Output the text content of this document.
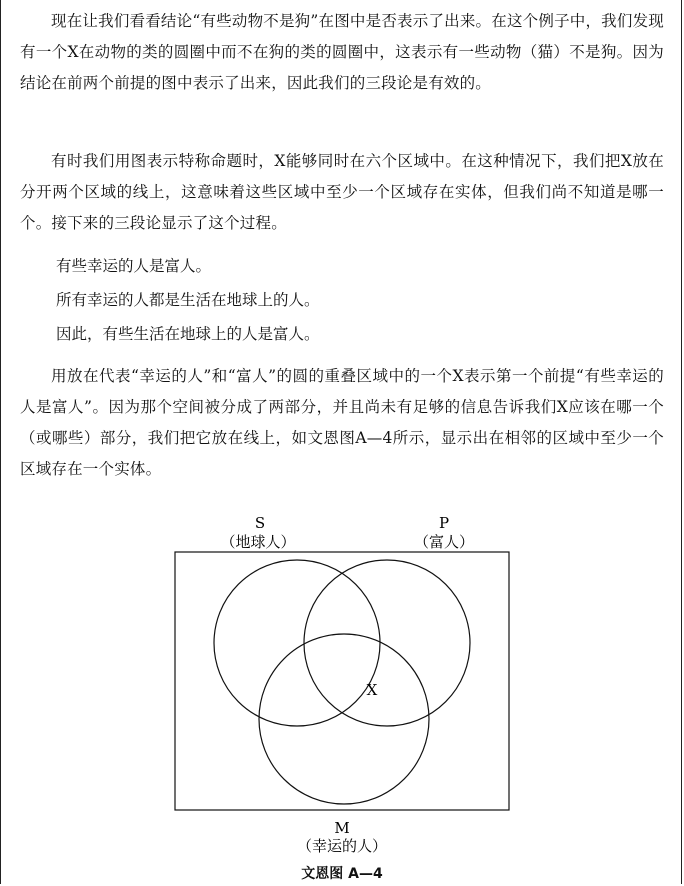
现在让我们看看结论“有些动物不是狗”在图中是否表示了出来。在这个例子中，我们发现有一个X在动物的类的圆圈中而不在狗的类的圆圈中，这表示有一些动物（猫）不是狗。因为结论在前两个前提的图中表示了出来，因此我们的三段论是有效的。

有时我们用图表示特称命题时，X能够同时在六个区域中。在这种情况下，我们把X放在分开两个区域的线上，这意味着这些区域中至少一个区域存在实体，但我们尚不知道是哪一个。接下来的三段论显示了这个过程。

有些幸运的人是富人。

所有幸运的人都是生活在地球上的人。

因此，有些生活在地球上的人是富人。

用放在代表“幸运的人”和“富人”的圆的重叠区域中的一个X表示第一个前提“有些幸运的人是富人”。因为那个空间被分成了两部分，并且尚未有足够的信息告诉我们X应该在哪一个（或哪些）部分，我们把它放在线上，如文恩图A—4所示，显示出在相邻的区域中至少一个区域存在一个实体。

S
（地球人）
P
（富人）
X
M
（幸运的人）
文恩图 A—4
